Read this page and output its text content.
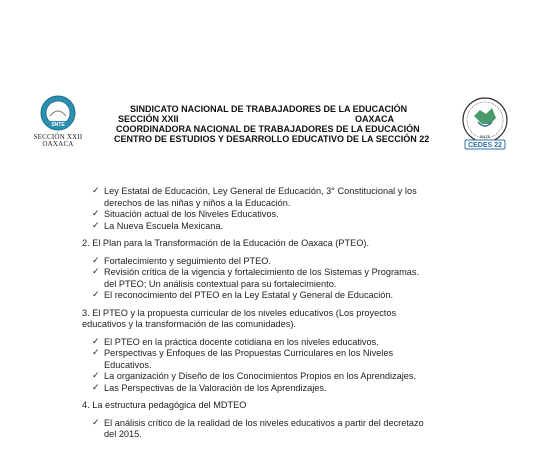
SNTE
SECCIÓN XXII
OAXACA
SNTE
CEDES 22
SINDICATO NACIONAL DE TRABAJADORES DE LA EDUCACIÓN
SECCIÓN XXII	OAXACA
COORDINADORA NACIONAL DE TRABAJADORES DE LA EDUCACIÓN
CENTRO DE ESTUDIOS Y DESARROLLO EDUCATIVO DE LA SECCIÓN 22
✓ Ley Estatal de Educación, Ley General de Educación, 3° Constitucional y los
derechos de las niñas y niños a la Educación.
✓ Situación actual de los Niveles Educativos.
✓ La Nueva Escuela Mexicana.
2. El Plan para la Transformación de la Educación de Oaxaca (PTEO).
✓ Fortalecimiento y seguimiento del PTEO.
✓ Revisión crítica de la vigencia y fortalecimiento de los Sistemas y Programas.
del PTEO; Un análisis contextual para su fortalecimiento.
✓ El reconocimiento del PTEO en la Ley Estatal y General de Educación.
3. El PTEO y la propuesta curricular de los niveles educativos (Los proyectos
educativos y la transformación de las comunidades).
✓ El PTEO en la práctica docente cotidiana en los niveles educativos.
✓ Perspectivas y Enfoques de las Propuestas Curriculares en los Niveles
Educativos.
✓ La organización y Diseño de los Conocimientos Propios en los Aprendizajes.
✓ Las Perspectivas de la Valoración de los Aprendizajes.
4. La estructura pedagógica del MDTEO
✓ El análisis crítico de la realidad de los niveles educativos a partir del decretazo
del 2015.
